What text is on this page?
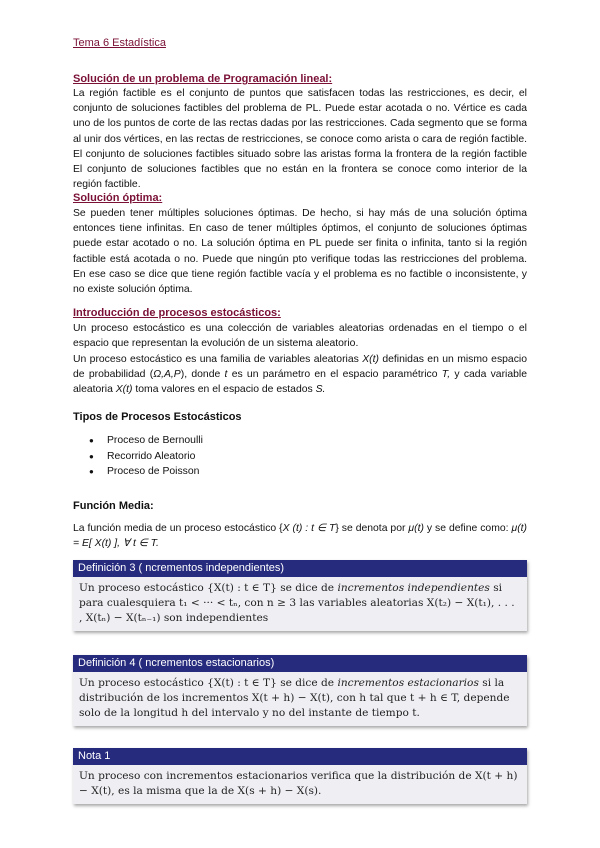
Tema 6 Estadística
Solución de un problema de Programación lineal:

La región factible es el conjunto de puntos que satisfacen todas las restricciones, es decir, el conjunto de soluciones factibles del problema de PL. Puede estar acotada o no. Vértice es cada uno de los puntos de corte de las rectas dadas por las restricciones. Cada segmento que se forma al unir dos vértices, en las rectas de restricciones, se conoce como arista o cara de región factible. El conjunto de soluciones factibles situado sobre las aristas forma la frontera de la región factible El conjunto de soluciones factibles que no están en la frontera se conoce como interior de la región factible.

Solución óptima:

Se pueden tener múltiples soluciones óptimas. De hecho, si hay más de una solución óptima entonces tiene infinitas. En caso de tener múltiples óptimos, el conjunto de soluciones óptimas puede estar acotado o no. La solución óptima en PL puede ser finita o infinita, tanto si la región factible está acotada o no. Puede que ningún pto verifique todas las restricciones del problema. En ese caso se dice que tiene región factible vacía y el problema es no factible o inconsistente, y no existe solución óptima.

Introducción de procesos estocásticos:

Un proceso estocástico es una colección de variables aleatorias ordenadas en el tiempo o el espacio que representan la evolución de un sistema aleatorio.

Un proceso estocástico es una familia de variables aleatorias X(t) definidas en un mismo espacio de probabilidad (Ω,A,P), donde t es un parámetro en el espacio paramétrico T, y cada variable aleatoria X(t) toma valores en el espacio de estados S.

Tipos de Procesos Estocásticos
● Proceso de Bernoulli
● Recorrido Aleatorio
● Proceso de Poisson
Función Media:

La función media de un proceso estocástico {X (t) : t ∈ T} se denota por μ(t) y se define como: μ(t) = E[ X(t) ], ∀ t ∈ T.

Definición 3 ( ncrementos independientes)
Un proceso estocástico {X(t) : t ∈ T} se dice de incrementos independientes si para cualesquiera t₁ < ··· < tₙ, con n ≥ 3 las variables aleatorias X(t₂) − X(t₁), . . . , X(tₙ) − X(tₙ₋₁) son independientes
Definición 4 ( ncrementos estacionarios)
Un proceso estocástico {X(t) : t ∈ T} se dice de incrementos estacionarios si la distribución de los incrementos X(t + h) − X(t), con h tal que t + h ∈ T, depende solo de la longitud h del intervalo y no del instante de tiempo t.
Nota 1
Un proceso con incrementos estacionarios verifica que la distribución de X(t + h) − X(t), es la misma que la de X(s + h) − X(s).
